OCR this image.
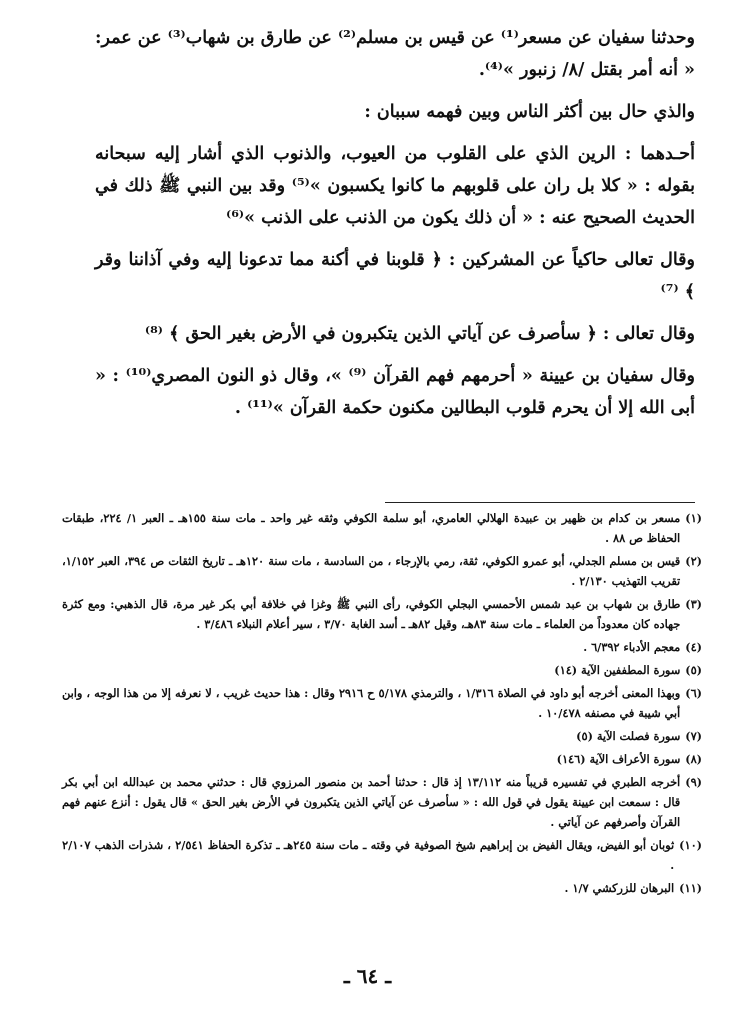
وحدثنا سفيان عن مسعر⁽¹⁾ عن قيس بن مسلم⁽²⁾ عن طارق بن شهاب⁽³⁾ عن عمر: « أنه أمر بقتل /٨/ زنبور »⁽⁴⁾.

والذي حال بين أكثر الناس وبين فهمه سببان :

أحـدهما : الرين الذي على القلوب من العيوب، والذنوب الذي أشار إليه سبحانه بقوله : « كلا بل ران على قلوبهم ما كانوا يكسبون »⁽⁵⁾ وقد بين النبي ﷺ ذلك في الحديث الصحيح عنه : « أن ذلك يكون من الذنب على الذنب »⁽⁶⁾

وقال تعالى حاكياً عن المشركين : ﴿ قلوبنا في أكنة مما تدعونا إليه وفي آذاننا وقر ﴾ ⁽⁷⁾

وقال تعالى : ﴿ سأصرف عن آياتي الذين يتكبرون في الأرض بغير الحق ﴾ ⁽⁸⁾

وقال سفيان بن عيينة « أحرمهم فهم القرآن ⁽⁹⁾ »، وقال ذو النون المصري⁽¹⁰⁾ : « أبى الله إلا أن يحرم قلوب البطالين مكنون حكمة القرآن »⁽¹¹⁾ .

(١)
مسعر بن كدام بن ظهير بن عبيدة الهلالي العامري، أبو سلمة الكوفي وثقه غير واحد ـ مات سنة ١٥٥هـ ـ العبر ١/ ٢٢٤، طبقات الحفاظ ص ٨٨ .
(٢)
قيس بن مسلم الجدلي، أبو عمرو الكوفي، ثقة، رمي بالإرجاء ، من السادسة ، مات سنة ١٢٠هـ ـ تاريخ الثقات ص ٣٩٤، العبر ١/١٥٢، تقريب التهذيب ٢/١٣٠ .
(٣)
طارق بن شهاب بن عبد شمس الأحمسي البجلي الكوفي، رأى النبي ﷺ وغزا في خلافة أبي بكر غير مرة، قال الذهبي: ومع كثرة جهاده كان معدوداً من العلماء ـ مات سنة ٨٣هـ، وقيل ٨٢هـ ـ أسد الغابة ٣/٧٠ ، سير أعلام النبلاء ٣/٤٨٦ .
(٤)
معجم الأدباء ٦/٣٩٢ .
(٥)
سورة المطففين الآية (١٤)
(٦)
وبهذا المعنى أخرجه أبو داود في الصلاة ١/٣١٦ ، والترمذي ٥/١٧٨ ح ٢٩١٦ وقال : هذا حديث غريب ، لا نعرفه إلا من هذا الوجه ، وابن أبي شيبة في مصنفه ١٠/٤٧٨ .
(٧)
سورة فصلت الآية (٥)
(٨)
سورة الأعراف الآية (١٤٦)
(٩)
أخرجه الطبري في تفسيره قريباً منه ١٣/١١٢ إذ قال : حدثنا أحمد بن منصور المرزوي قال : حدثني محمد بن عبدالله ابن أبي بكر قال : سمعت ابن عيينة يقول في قول الله : « سأصرف عن آياتي الذين يتكبرون في الأرض بغير الحق » قال يقول : أنزع عنهم فهم القرآن وأصرفهم عن آياتي .
(١٠)
ثوبان أبو الفيض، ويقال الفيض بن إبراهيم شيخ الصوفية في وقته ـ مات سنة ٢٤٥هـ ـ تذكرة الحفاظ ٢/٥٤١ ، شذرات الذهب ٢/١٠٧ .
(١١)
البرهان للزركشي ١/٧ .
ـ ٦٤ ـ
